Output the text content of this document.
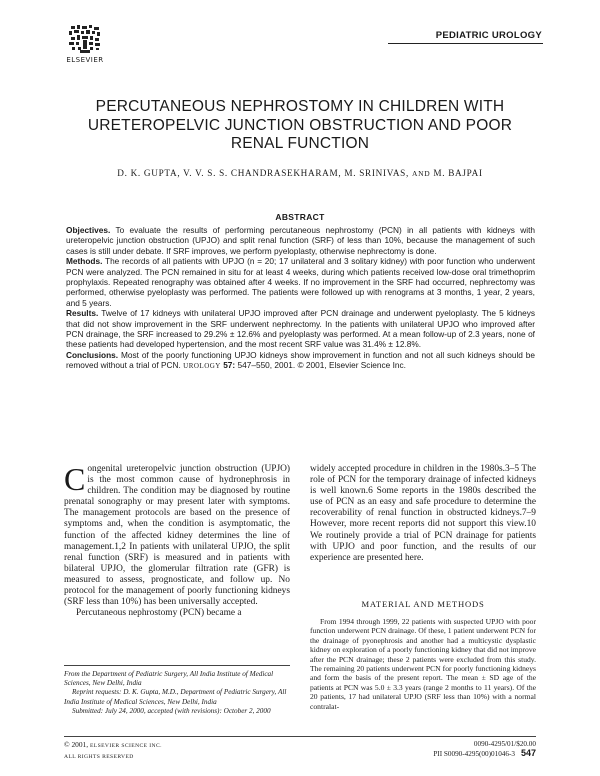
ELSEVIER
PEDIATRIC UROLOGY
PERCUTANEOUS NEPHROSTOMY IN CHILDREN WITH URETEROPELVIC JUNCTION OBSTRUCTION AND POOR RENAL FUNCTION
D. K. GUPTA, V. V. S. S. CHANDRASEKHARAM, M. SRINIVAS, AND M. BAJPAI
ABSTRACT

Objectives. To evaluate the results of performing percutaneous nephrostomy (PCN) in all patients with kidneys with ureteropelvic junction obstruction (UPJO) and split renal function (SRF) of less than 10%, because the management of such cases is still under debate. If SRF improves, we perform pyeloplasty, otherwise nephrectomy is done.

Methods. The records of all patients with UPJO (n = 20; 17 unilateral and 3 solitary kidney) with poor function who underwent PCN were analyzed. The PCN remained in situ for at least 4 weeks, during which patients received low-dose oral trimethoprim prophylaxis. Repeated renography was obtained after 4 weeks. If no improvement in the SRF had occurred, nephrectomy was performed, otherwise pyeloplasty was performed. The patients were followed up with renograms at 3 months, 1 year, 2 years, and 5 years.

Results. Twelve of 17 kidneys with unilateral UPJO improved after PCN drainage and underwent pyeloplasty. The 5 kidneys that did not show improvement in the SRF underwent nephrectomy. In the patients with unilateral UPJO who improved after PCN drainage, the SRF increased to 29.2% ± 12.6% and pyeloplasty was performed. At a mean follow-up of 2.3 years, none of these patients had developed hypertension, and the most recent SRF value was 31.4% ± 12.8%.

Conclusions. Most of the poorly functioning UPJO kidneys show improvement in function and not all such kidneys should be removed without a trial of PCN. UROLOGY 57: 547–550, 2001. © 2001, Elsevier Science Inc.

Congenital ureteropelvic junction obstruction (UPJO) is the most common cause of hydronephrosis in children. The condition may be diagnosed by routine prenatal sonography or may present later with symptoms. The management protocols are based on the presence of symptoms and, when the condition is asymptomatic, the function of the affected kidney determines the line of management.1,2 In patients with unilateral UPJO, the split renal function (SRF) is measured and in patients with bilateral UPJO, the glomerular filtration rate (GFR) is measured to assess, prognosticate, and follow up. No protocol for the management of poorly functioning kidneys (SRF less than 10%) has been universally accepted.

Percutaneous nephrostomy (PCN) became a

widely accepted procedure in children in the 1980s.3–5 The role of PCN for the temporary drainage of infected kidneys is well known.6 Some reports in the 1980s described the use of PCN as an easy and safe procedure to determine the recoverability of renal function in obstructed kidneys.7–9 However, more recent reports did not support this view.10 We routinely provide a trial of PCN drainage for patients with UPJO and poor function, and the results of our experience are presented here.

From the Department of Pediatric Surgery, All India Institute of Medical Sciences, New Delhi, India

Reprint requests: D. K. Gupta, M.D., Department of Pediatric Surgery, All India Institute of Medical Sciences, New Delhi, India

Submitted: July 24, 2000, accepted (with revisions): October 2, 2000

MATERIAL AND METHODS

From 1994 through 1999, 22 patients with suspected UPJO with poor function underwent PCN drainage. Of these, 1 patient underwent PCN for the drainage of pyonephrosis and another had a multicystic dysplastic kidney on exploration of a poorly functioning kidney that did not improve after the PCN drainage; these 2 patients were excluded from this study. The remaining 20 patients underwent PCN for poorly functioning kidneys and form the basis of the present report. The mean ± SD age of the patients at PCN was 5.0 ± 3.3 years (range 2 months to 11 years). Of the 20 patients, 17 had unilateral UPJO (SRF less than 10%) with a normal contralat-

© 2001, ELSEVIER SCIENCE INC.
ALL RIGHTS RESERVED
0090-4295/01/$20.00
PII S0090-4295(00)01046-3 547
